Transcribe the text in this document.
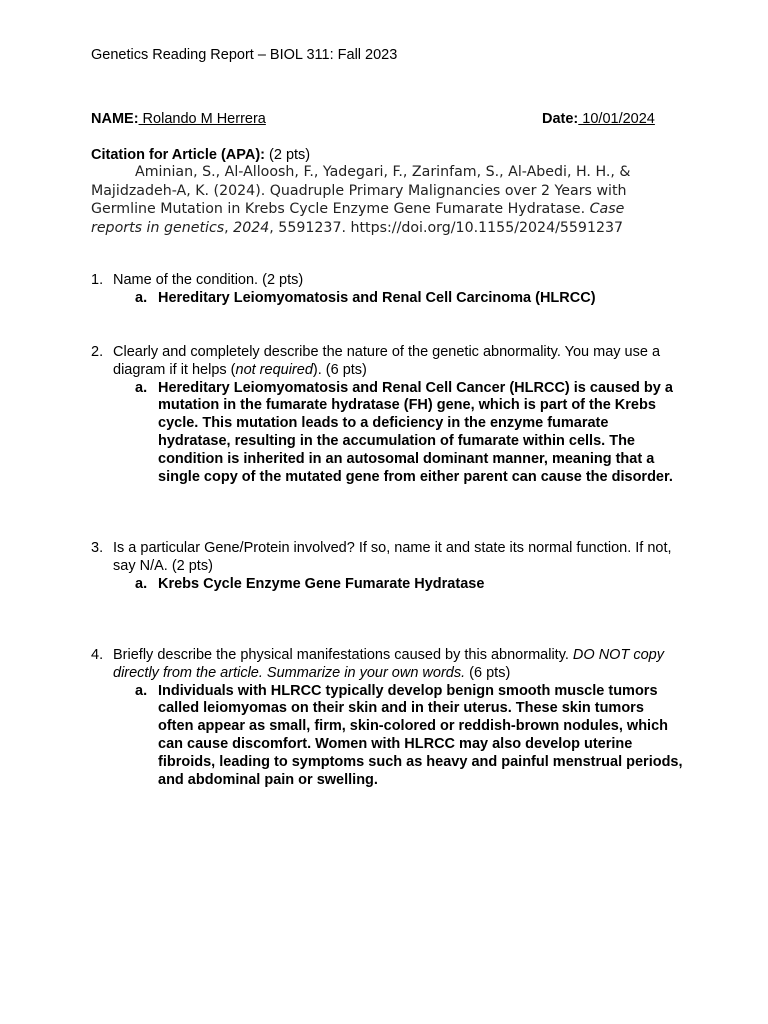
Genetics Reading Report – BIOL 311: Fall 2023
NAME: Rolando M Herrera	Date: 10/01/2024
Citation for Article (APA): (2 pts)
Aminian, S., Al-Alloosh, F., Yadegari, F., Zarinfam, S., Al-Abedi, H. H., & Majidzadeh-A, K. (2024). Quadruple Primary Malignancies over 2 Years with Germline Mutation in Krebs Cycle Enzyme Gene Fumarate Hydratase. Case reports in genetics, 2024, 5591237. https://doi.org/10.1155/2024/5591237
1. Name of the condition. (2 pts)
a. Hereditary Leiomyomatosis and Renal Cell Carcinoma (HLRCC)
2. Clearly and completely describe the nature of the genetic abnormality. You may use a diagram if it helps (not required). (6 pts)
a. Hereditary Leiomyomatosis and Renal Cell Cancer (HLRCC) is caused by a mutation in the fumarate hydratase (FH) gene, which is part of the Krebs cycle. This mutation leads to a deficiency in the enzyme fumarate hydratase, resulting in the accumulation of fumarate within cells. The condition is inherited in an autosomal dominant manner, meaning that a single copy of the mutated gene from either parent can cause the disorder.
3. Is a particular Gene/Protein involved? If so, name it and state its normal function. If not, say N/A. (2 pts)
a. Krebs Cycle Enzyme Gene Fumarate Hydratase
4. Briefly describe the physical manifestations caused by this abnormality. DO NOT copy directly from the article. Summarize in your own words. (6 pts)
a. Individuals with HLRCC typically develop benign smooth muscle tumors called leiomyomas on their skin and in their uterus. These skin tumors often appear as small, firm, skin-colored or reddish-brown nodules, which can cause discomfort. Women with HLRCC may also develop uterine fibroids, leading to symptoms such as heavy and painful menstrual periods, and abdominal pain or swelling.
